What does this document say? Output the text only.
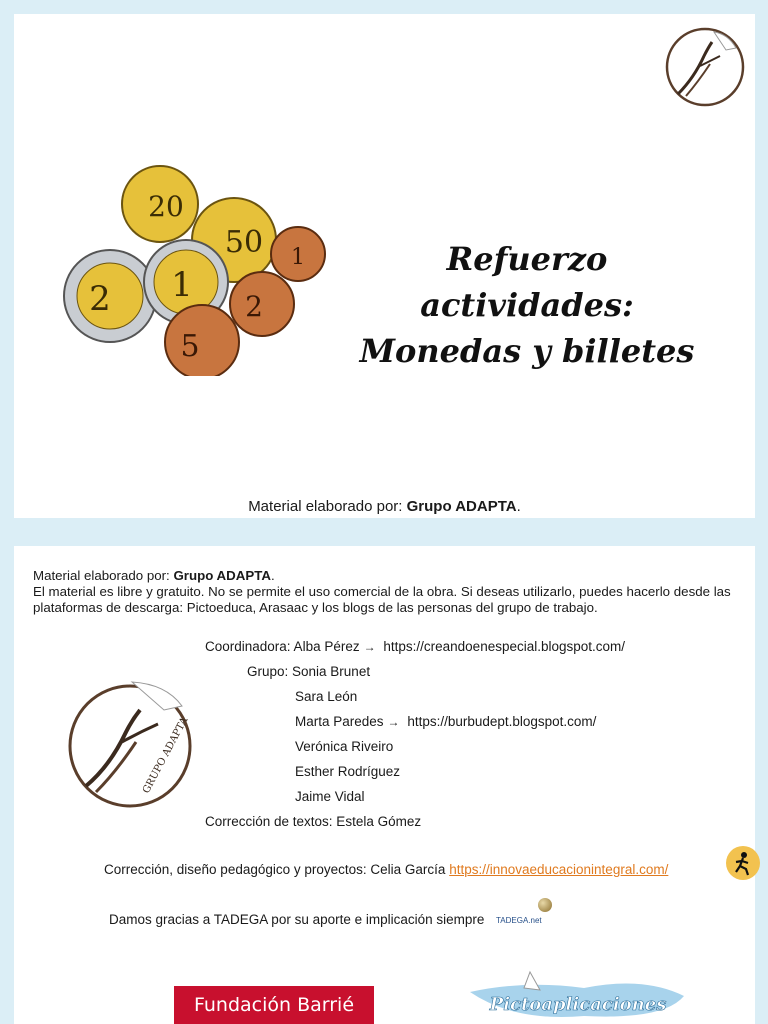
20
50 1
2 1
2
5
Refuerzo actividades:
Monedas y billetes
Material elaborado por: Grupo ADAPTA.
Material elaborado por: Grupo ADAPTA.
El material es libre y gratuito. No se permite el uso comercial de la obra. Si deseas utilizarlo, puedes hacerlo desde las plataformas de descarga: Pictoeduca, Arasaac y los blogs de las personas del grupo de trabajo.
Coordinadora: Alba Pérez → https://creandoenespecial.blogspot.com/
Grupo: Sonia Brunet
Sara León
Marta Paredes → https://burbudept.blogspot.com/
Verónica Riveiro
Esther Rodríguez
Jaime Vidal
Corrección de textos: Estela Gómez
GRUPO ADAPTA
Corrección, diseño pedagógico y proyectos: Celia García https://innovaeducacionintegral.com/
Damos gracias a TADEGA por su aporte e implicación siempre TADEGA.net
Fundación Barrié	Pictoaplicaciones
